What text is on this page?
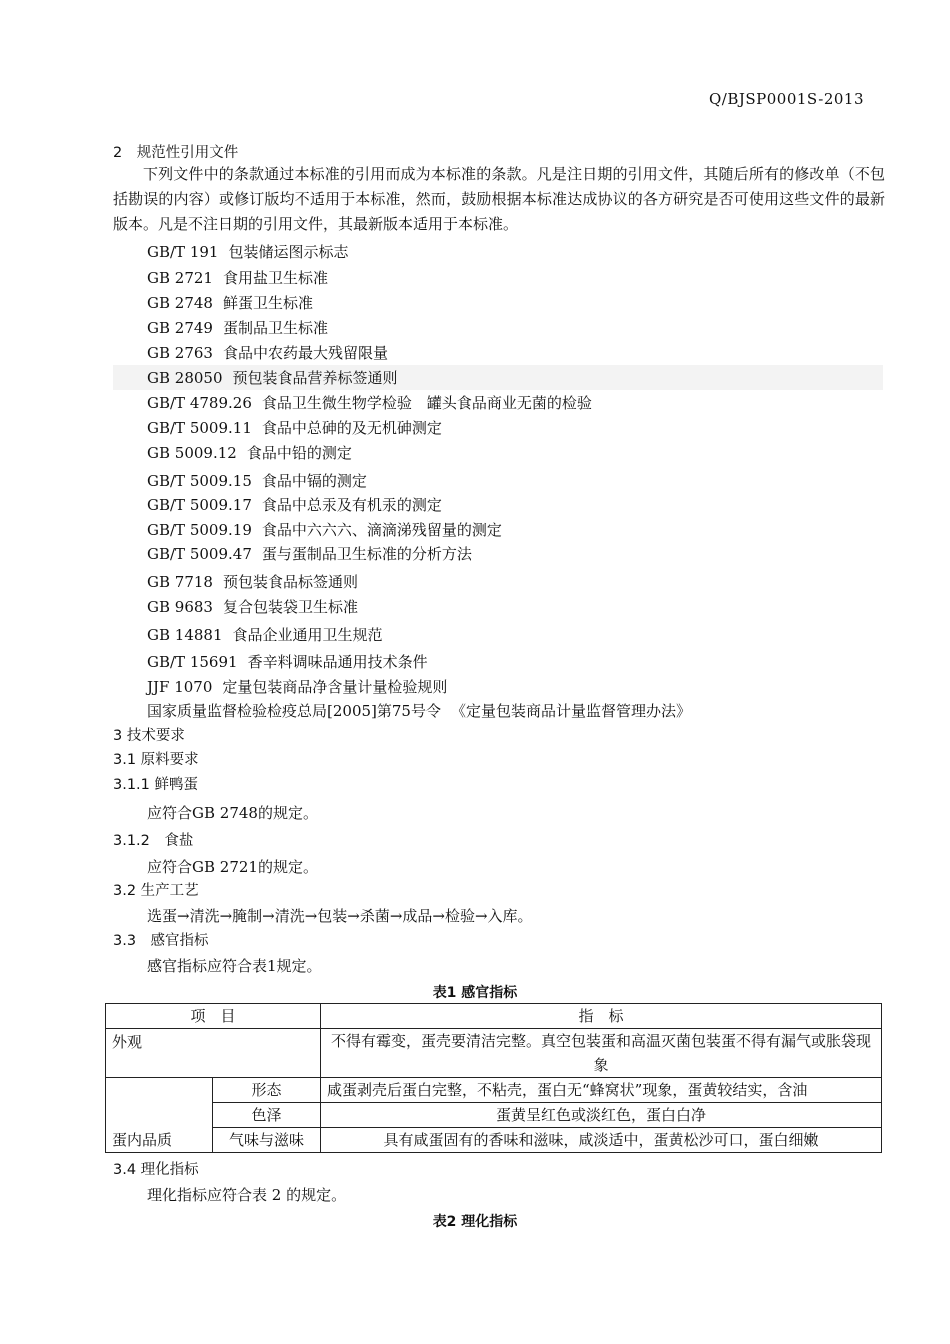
Q/BJSP0001S-2013
2　规范性引用文件
下列文件中的条款通过本标准的引用而成为本标准的条款。凡是注日期的引用文件，其随后所有的修改单（不包括勘误的内容）或修订版均不适用于本标准，然而，鼓励根据本标准达成协议的各方研究是否可使用这些文件的最新版本。凡是不注日期的引用文件，其最新版本适用于本标准。
GB/T 191 包装储运图示标志
GB 2721 食用盐卫生标准
GB 2748 鲜蛋卫生标准
GB 2749 蛋制品卫生标准
GB 2763 食品中农药最大残留限量
GB 28050 预包装食品营养标签通则
GB/T 4789.26 食品卫生微生物学检验　罐头食品商业无菌的检验
GB/T 5009.11 食品中总砷的及无机砷测定
GB 5009.12 食品中铅的测定
GB/T 5009.15 食品中镉的测定
GB/T 5009.17 食品中总汞及有机汞的测定
GB/T 5009.19 食品中六六六、滴滴涕残留量的测定
GB/T 5009.47 蛋与蛋制品卫生标准的分析方法
GB 7718 预包装食品标签通则
GB 9683 复合包装袋卫生标准
GB 14881 食品企业通用卫生规范
GB/T 15691 香辛料调味品通用技术条件
JJF 1070 定量包装商品净含量计量检验规则
国家质量监督检验检疫总局[2005]第75号令 《定量包装商品计量监督管理办法》
3 技术要求
3.1 原料要求
3.1.1 鲜鸭蛋
应符合GB 2748的规定。
3.1.2　食盐
应符合GB 2721的规定。
3.2 生产工艺
选蛋→清洗→腌制→清洗→包装→杀菌→成品→检验→入库。
3.3　感官指标
感官指标应符合表1规定。
表1 感官指标
项　目		指　标
外观		不得有霉变，蛋壳要清洁完整。真空包装蛋和高温灭菌包装蛋不得有漏气或胀袋现象
蛋内品质	形态	咸蛋剥壳后蛋白完整，不粘壳，蛋白无“蜂窝状”现象，蛋黄较结实，含油
	色泽	蛋黄呈红色或淡红色，蛋白白净
	气味与滋味	具有咸蛋固有的香味和滋味，咸淡适中，蛋黄松沙可口，蛋白细嫩
3.4 理化指标
理化指标应符合表 2 的规定。
表2 理化指标
